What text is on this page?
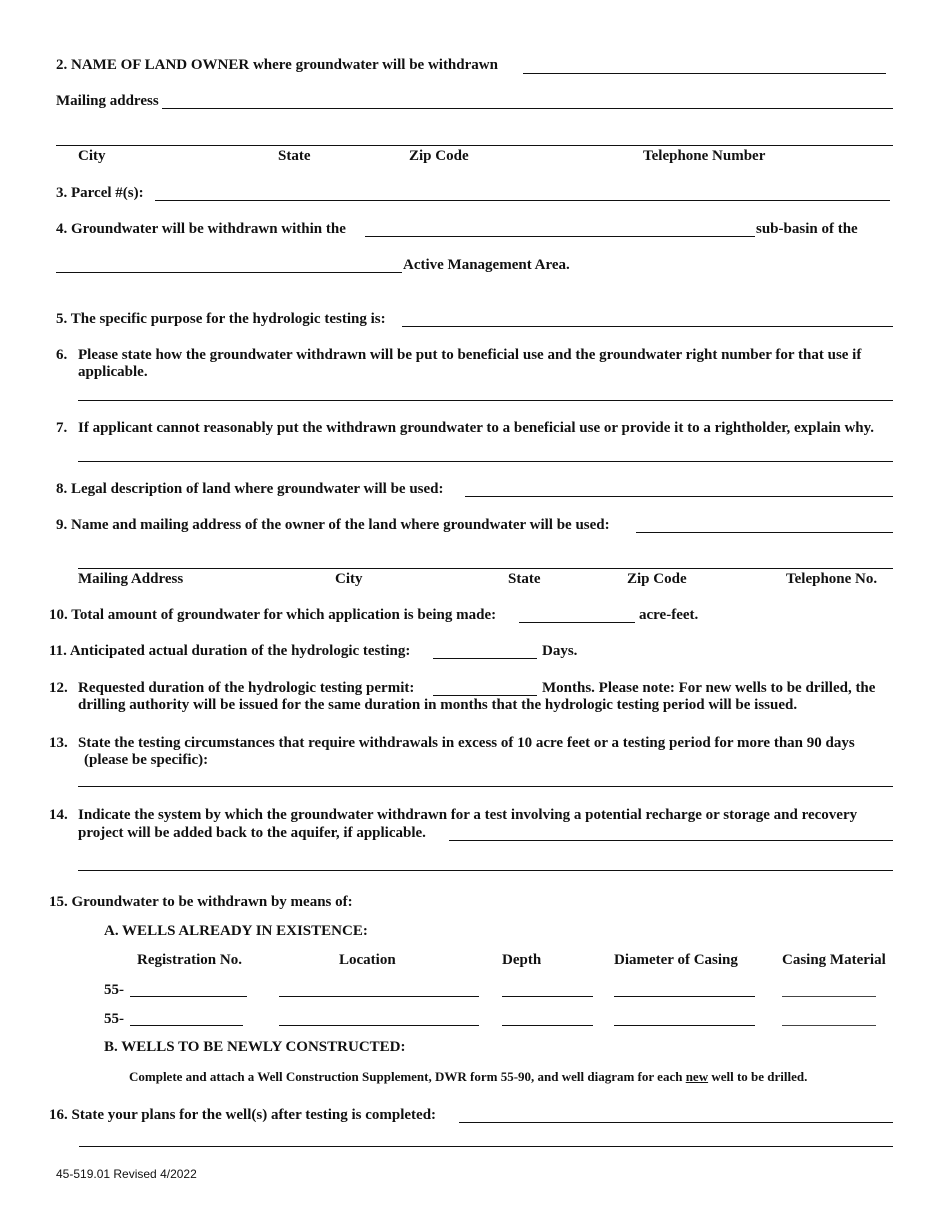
2. NAME OF LAND OWNER where groundwater will be withdrawn
Mailing address
City	State	Zip Code	Telephone Number
3. Parcel #(s):
4. Groundwater will be withdrawn within the	sub-basin of the
Active Management Area.
5. The specific purpose for the hydrologic testing is:
6. Please state how the groundwater withdrawn will be put to beneficial use and the groundwater right number for that use if applicable.
7. If applicant cannot reasonably put the withdrawn groundwater to a beneficial use or provide it to a rightholder, explain why.
8. Legal description of land where groundwater will be used:
9. Name and mailing address of the owner of the land where groundwater will be used:
Mailing Address	City	State	Zip Code	Telephone No.
10. Total amount of groundwater for which application is being made:	acre-feet.
11. Anticipated actual duration of the hydrologic testing:	Days.
12. Requested duration of the hydrologic testing permit:	Months. Please note: For new wells to be drilled, the
drilling authority will be issued for the same duration in months that the hydrologic testing period will be issued.
13. State the testing circumstances that require withdrawals in excess of 10 acre feet or a testing period for more than 90 days
(please be specific):
14. Indicate the system by which the groundwater withdrawn for a test involving a potential recharge or storage and recovery
project will be added back to the aquifer, if applicable.
15. Groundwater to be withdrawn by means of:
A. WELLS ALREADY IN EXISTENCE:
Registration No.	Location	Depth	Diameter of Casing	Casing Material
55-
55-
B. WELLS TO BE NEWLY CONSTRUCTED:
Complete and attach a Well Construction Supplement, DWR form 55-90, and well diagram for each new well to be drilled.
16. State your plans for the well(s) after testing is completed:
45-519.01 Revised 4/2022
